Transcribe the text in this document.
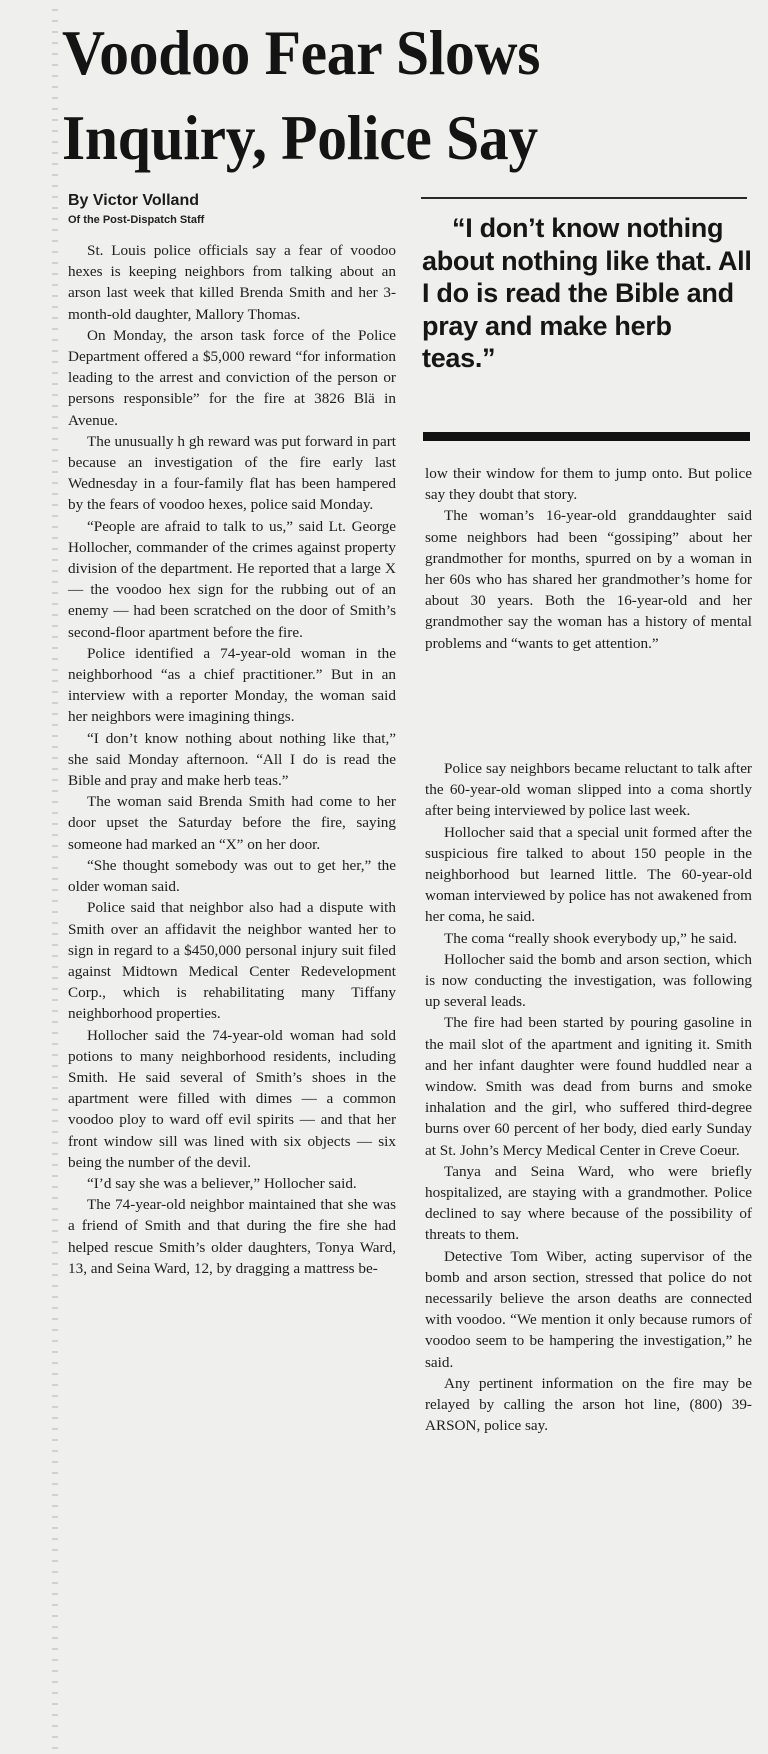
Voodoo Fear Slows
Inquiry, Police Say
By Victor Volland
Of the Post-Dispatch Staff

St. Louis police officials say a fear of voodoo hexes is keeping neighbors from talking about an arson last week that killed Brenda Smith and her 3-month-old daughter, Mallory Thomas.

On Monday, the arson task force of the Police Department offered a $5,000 reward “for information leading to the arrest and conviction of the person or persons responsible” for the fire at 3826 Blä in Avenue.

The unusually h gh reward was put forward in part because an investigation of the fire early last Wednesday in a four-family flat has been hampered by the fears of voodoo hexes, police said Monday.

“People are afraid to talk to us,” said Lt. George Hollocher, commander of the crimes against property division of the department. He reported that a large X — the voodoo hex sign for the rubbing out of an enemy — had been scratched on the door of Smith’s second-floor apartment before the fire.

Police identified a 74-year-old woman in the neighborhood “as a chief practitioner.” But in an interview with a reporter Monday, the woman said her neighbors were imagining things.

“I don’t know nothing about nothing like that,” she said Monday afternoon. “All I do is read the Bible and pray and make herb teas.”

The woman said Brenda Smith had come to her door upset the Saturday before the fire, saying someone had marked an “X” on her door.

“She thought somebody was out to get her,” the older woman said.

Police said that neighbor also had a dispute with Smith over an affidavit the neighbor wanted her to sign in regard to a $450,000 personal injury suit filed against Midtown Medical Center Redevelopment Corp., which is rehabilitating many Tiffany neighborhood properties.

Hollocher said the 74-year-old woman had sold potions to many neighborhood residents, including Smith. He said several of Smith’s shoes in the apartment were filled with dimes — a common voodoo ploy to ward off evil spirits — and that her front window sill was lined with six objects — six being the number of the devil.

“I’d say she was a believer,” Hollocher said.

The 74-year-old neighbor maintained that she was a friend of Smith and that during the fire she had helped rescue Smith’s older daughters, Tonya Ward, 13, and Seina Ward, 12, by dragging a mattress be-

“I don’t know nothing about nothing like that. All I do is read the Bible and pray and make herb teas.”

low their window for them to jump onto. But police say they doubt that story.

The woman’s 16-year-old granddaughter said some neighbors had been “gossiping” about her grandmother for months, spurred on by a woman in her 60s who has shared her grandmother’s home for about 30 years. Both the 16-year-old and her grandmother say the woman has a history of mental problems and “wants to get attention.”

Police say neighbors became reluctant to talk after the 60-year-old woman slipped into a coma shortly after being interviewed by police last week.

Hollocher said that a special unit formed after the suspicious fire talked to about 150 people in the neighborhood but learned little. The 60-year-old woman interviewed by police has not awakened from her coma, he said.

The coma “really shook everybody up,” he said.

Hollocher said the bomb and arson section, which is now conducting the investigation, was following up several leads.

The fire had been started by pouring gasoline in the mail slot of the apartment and igniting it. Smith and her infant daughter were found huddled near a window. Smith was dead from burns and smoke inhalation and the girl, who suffered third-degree burns over 60 percent of her body, died early Sunday at St. John’s Mercy Medical Center in Creve Coeur.

Tanya and Seina Ward, who were briefly hospitalized, are staying with a grandmother. Police declined to say where because of the possibility of threats to them.

Detective Tom Wiber, acting supervisor of the bomb and arson section, stressed that police do not necessarily believe the arson deaths are connected with voodoo. “We mention it only because rumors of voodoo seem to be hampering the investigation,” he said.

Any pertinent information on the fire may be relayed by calling the arson hot line, (800) 39-ARSON, police say.
